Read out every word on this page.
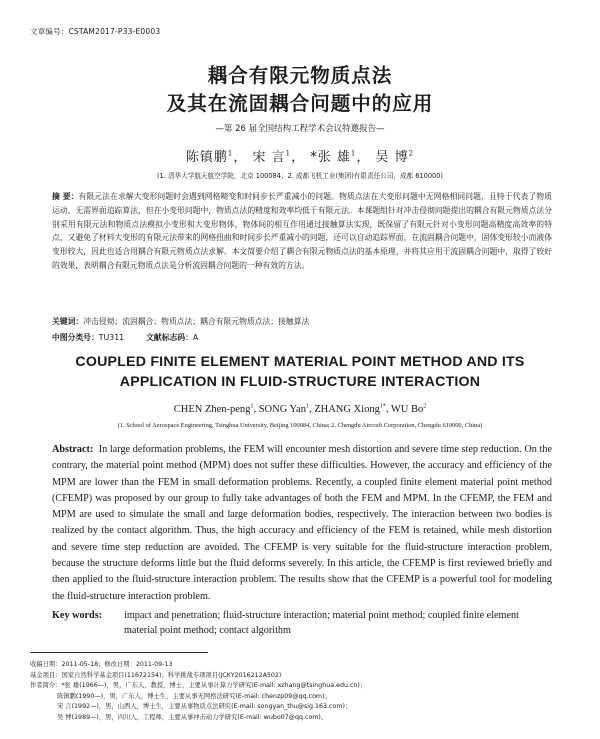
文章编号：CSTAM2017-P33-E0003
耦合有限元物质点法
及其在流固耦合问题中的应用
—第 26 届全国结构工程学术会议特邀报告—
陈镇鹏$^1$， 宋 言$^1$， *张 雄$^1$， 吴 博$^2$
(1. 清华大学航天航空学院，北京 100084；2. 成都飞机工业(集团)有限责任公司，成都 610000)
摘 要：有限元法在求解大变形问题时会遇到网格畸变和时间步长严重减小的问题。物质点法在大变形问题中无网格相同问题，且特于代表了物质运动、无需界面追踪算法，但在小变形问题中，物质点法的精度和效率均低于有限元法。本课题组针对冲击侵彻问题提出的耦合有限元物质点法分别采用有限元法和物质点法模拟小变形和大变形物体，物体间的相互作用通过接触算法实现，既保留了有限元针对小变形问题高精度高效率的特点，又避免了材料大变形的有限元法带来的网格扭曲和时间步长严重减小的问题，还可以自动追踪界面，在流固耦合问题中，固体变形较小而液体变形较大，因此也适合用耦合有限元物质点法求解。本文简要介绍了耦合有限元物质点法的基本原理，并将其应用于流固耦合问题中，取得了较好的效果，表明耦合有限元物质点法是分析流固耦合问题的一种有效的方法。
关键词：冲击侵彻；流固耦合；物质点法；耦合有限元物质点法；接触算法
中图分类号：TU311	文献标志码：A
COUPLED FINITE ELEMENT MATERIAL POINT METHOD AND ITS
APPLICATION IN FLUID-STRUCTURE INTERACTION
CHEN Zhen-peng$^1$, SONG Yan$^1$, ZHANG Xiong$^{1*}$, WU Bo$^2$
(1. School of Aerospace Engineering, Tsinghua University, Beijing 100084, China; 2. Chengdu Aircraft Corporation, Chengdu 610000, China)
Abstract: In large deformation problems, the FEM will encounter mesh distortion and severe time step reduction. On the contrary, the material point method (MPM) does not suffer these difficulties. However, the accuracy and efficiency of the MPM are lower than the FEM in small deformation problems. Recently, a coupled finite element material point method (CFEMP) was proposed by our group to fully take advantages of both the FEM and MPM. In the CFEMP, the FEM and MPM are used to simulate the small and large deformation bodies, respectively. The interaction between two bodies is realized by the contact algorithm. Thus, the high accuracy and efficiency of the FEM is retained, while mesh distortion and severe time step reduction are avoided. The CFEMP is very suitable for the fluid-structure interaction problem, because the structure deforms little but the fluid deforms severely. In this article, the CFEMP is first reviewed briefly and then applied to the fluid-structure interaction problem. The results show that the CFEMP is a powerful tool for modeling the fluid-structure interaction problem.
Key words:	impact and penetration; fluid-structure interaction; material point method; coupled finite element material point method; contact algorithm
收稿日期：2011-05-18；修改日期：2011-09-13
基金项目：国家自然科学基金项目(11672154)；科学挑战专项项目(JCKY2016212A502)
作者简介：*张 雄(1966—)，男，广东人，教授，博士，主要从事计算力学研究(E-mail: xzhang@tsinghua.edu.cn)；
陈镇鹏(1990—)，男，广东人，博士生，主要从事无网格法研究(E-mail: chenzp09@qq.com)；
宋 言(1992—)，男，山西人，博士生，主要从事物质点法研究(E-mail: songyan_thu@sig.163.com)；
吴 博(1989—)，男，四川人，工程师，主要从事冲击动力学研究(E-mail: wubo07@qq.com)。
